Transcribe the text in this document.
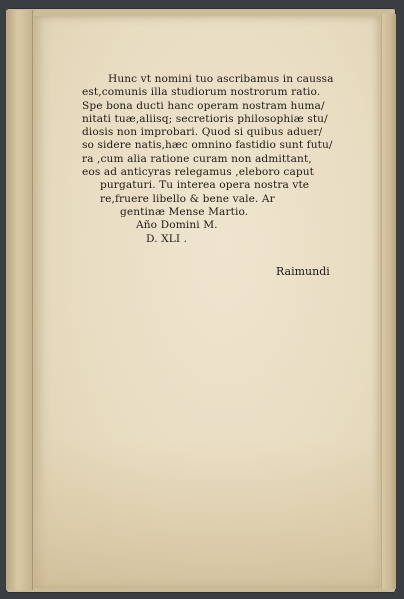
Hunc vt nomini tuo ascribamus in caussa
est,comunis illa studiorum nostrorum ratio.
Spe bona ducti hanc operam nostram huma/
nitati tuæ,aliisq; secretioris philosophiæ stu/
diosis non improbari. Quod si quibus aduer/
so sidere natis,hæc omnino fastidio sunt futu/
ra ,cum alia ratione curam non admittant,
eos ad anticyras relegamus ,eleboro caput
purgaturi. Tu interea opera nostra vte
re,fruere libello & bene vale. Ar
gentinæ Mense Martio.
Año Domini M.
D. XLI .
Raimundi
